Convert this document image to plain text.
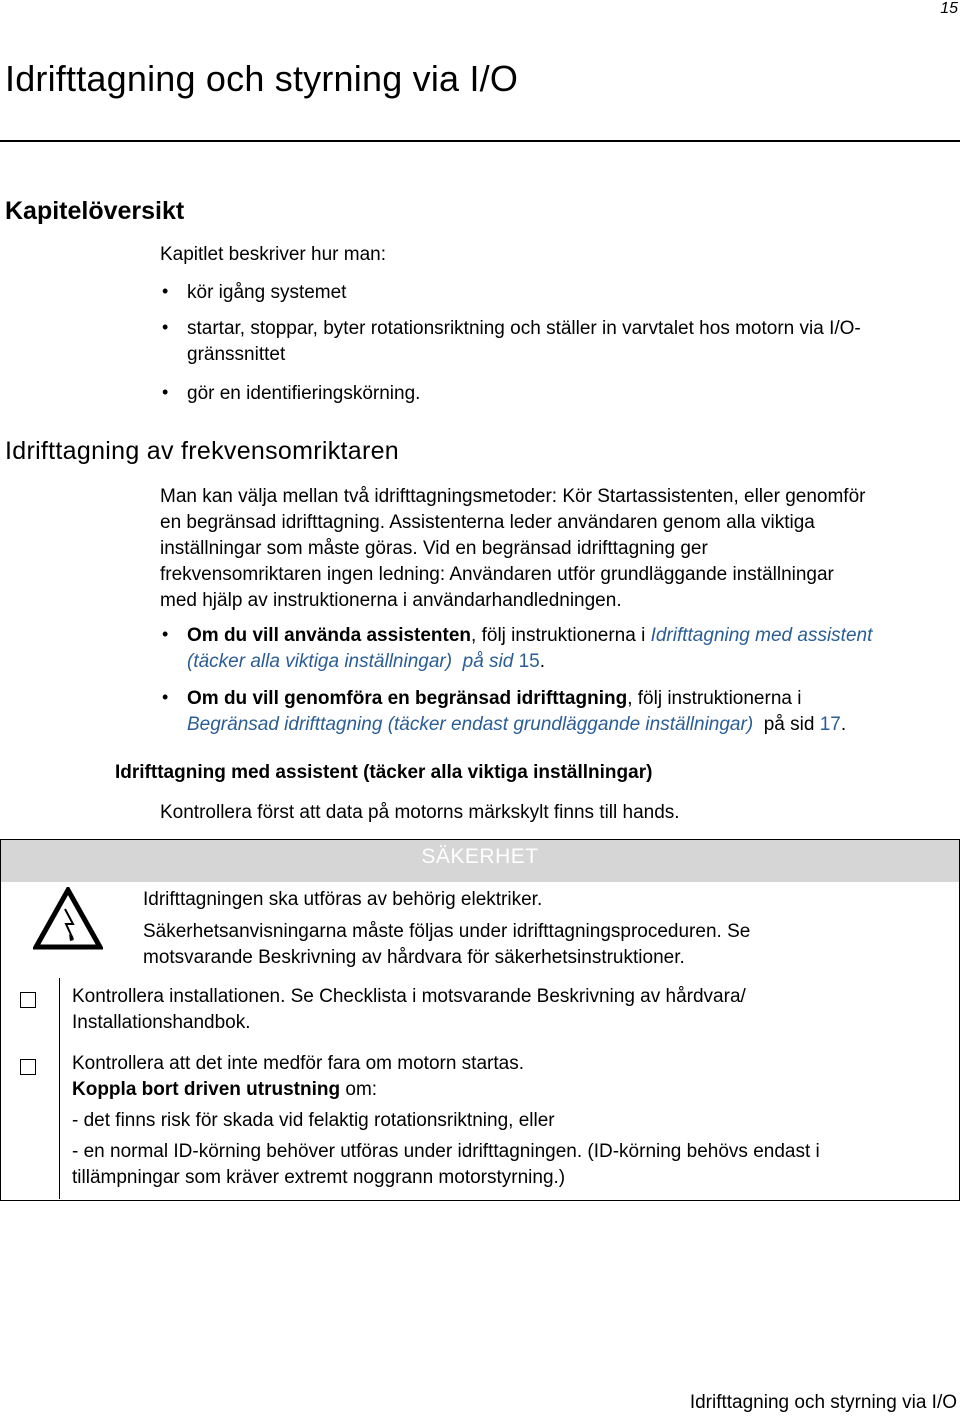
15
Idrifttagning och styrning via I/O
Kapitelöversikt
Kapitlet beskriver hur man:
• kör igång systemet
• startar, stoppar, byter rotationsriktning och ställer in varvtalet hos motorn via I/O-
gränssnittet
• gör en identifieringskörning.
Idrifttagning av frekvensomriktaren
Man kan välja mellan två idrifttagningsmetoder: Kör Startassistenten, eller genomför
en begränsad idrifttagning. Assistenterna leder användaren genom alla viktiga
inställningar som måste göras. Vid en begränsad idrifttagning ger
frekvensomriktaren ingen ledning: Användaren utför grundläggande inställningar
med hjälp av instruktionerna i användarhandledningen.
• Om du vill använda assistenten, följ instruktionerna i Idrifttagning med assistent
(täcker alla viktiga inställningar) på sid 15.
• Om du vill genomföra en begränsad idrifttagning, följ instruktionerna i
Begränsad idrifttagning (täcker endast grundläggande inställningar) på sid 17.
Idrifttagning med assistent (täcker alla viktiga inställningar)
Kontrollera först att data på motorns märkskylt finns till hands.
SÄKERHET
Idrifttagningen ska utföras av behörig elektriker.
Säkerhetsanvisningarna måste följas under idrifttagningsproceduren. Se
motsvarande Beskrivning av hårdvara för säkerhetsinstruktioner.
Kontrollera installationen. Se Checklista i motsvarande Beskrivning av hårdvara/
Installationshandbok.
Kontrollera att det inte medför fara om motorn startas.
Koppla bort driven utrustning om:
- det finns risk för skada vid felaktig rotationsriktning, eller
- en normal ID-körning behöver utföras under idrifttagningen. (ID-körning behövs endast i
tillämpningar som kräver extremt noggrann motorstyrning.)
Idrifttagning och styrning via I/O
